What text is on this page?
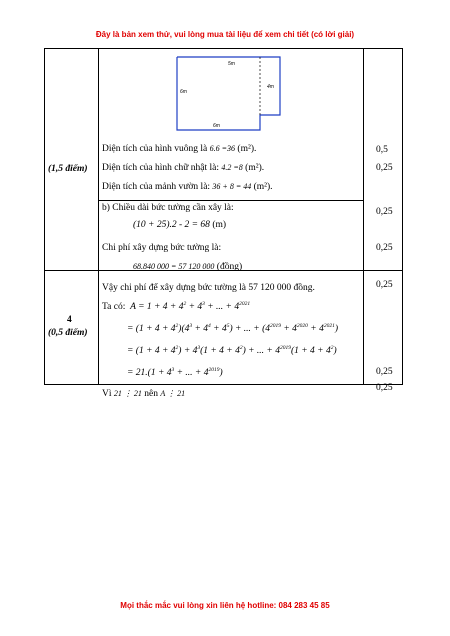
Đây là bản xem thử, vui lòng mua tài liệu để xem chi tiết (có lời giải)
5m
6m
4m
6m
(1,5 điểm)
Diện tích của hình vuông là 6.6 =36 (m²).
Diện tích của hình chữ nhật là: 4.2 =8 (m²).
Diện tích của mảnh vườn là: 36 + 8 = 44 (m²).
b) Chiều dài bức tường cần xây là:
(10 + 25).2 - 2 = 68 (m)
Chi phí xây dựng bức tường là:
68.840 000 = 57 120 000 (đồng)
Vậy chi phí để xây dựng bức tường là 57 120 000 đồng.
0,5
0,25
0,25
0,25
0,25
4
(0,5 điểm)
Ta có:  $A = 1 + 4 + 4^2 + 4^3$ + ... + $4^{2021}$
= $(1 + 4 + 4^2)(4^3 + 4^4 + 4^5)$ + ... + $(4^{2019} + 4^{2020} + 4^{2021})$
= $(1 + 4 + 4^2) + 4^3(1 + 4 + 4^2)$ + ... + $4^{2019}(1 + 4 + 4^2)$
= $21.(1 + 4^3$ + ... + $4^{2019}$)
Vì 21 ⋮ 21 nên A ⋮ 21
0,25
0,25
Mọi thắc mắc vui lòng xin liên hệ hotline: 084 283 45 85
